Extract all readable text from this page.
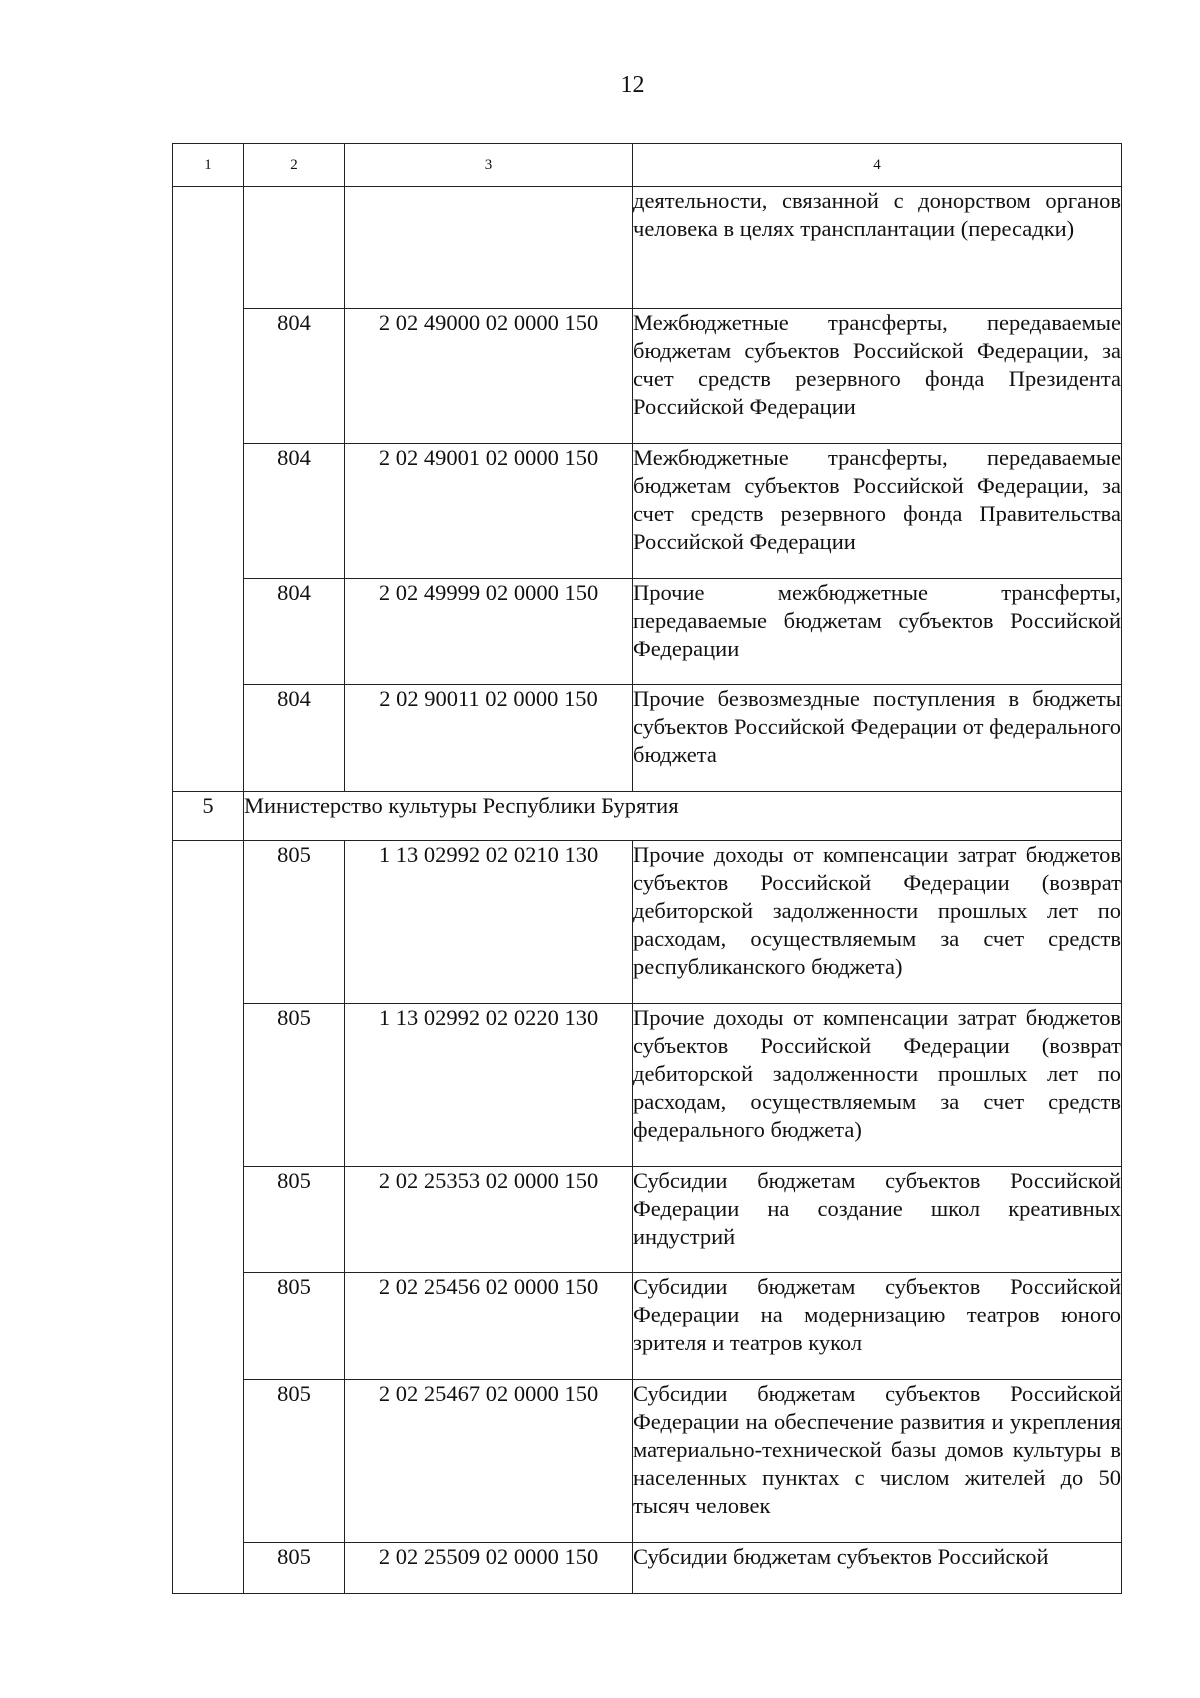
12
1	2	3	4
			деятельности, связанной с донорством органов человека в целях трансплантации (пересадки)
	804	2 02 49000 02 0000 150	Межбюджетные трансферты, передаваемые бюджетам субъектов Российской Федерации, за счет средств резервного фонда Президента Российской Федерации
	804	2 02 49001 02 0000 150	Межбюджетные трансферты, передаваемые бюджетам субъектов Российской Федерации, за счет средств резервного фонда Правительства Российской Федерации
	804	2 02 49999 02 0000 150	Прочие межбюджетные трансферты, передаваемые бюджетам субъектов Российской Федерации
	804	2 02 90011 02 0000 150	Прочие безвозмездные поступления в бюджеты субъектов Российской Федерации от федерального бюджета
5	Министерство культуры Республики Бурятия		
	805	1 13 02992 02 0210 130	Прочие доходы от компенсации затрат бюджетов субъектов Российской Федерации (возврат дебиторской задолженности прошлых лет по расходам, осуществляемым за счет средств республиканского бюджета)
	805	1 13 02992 02 0220 130	Прочие доходы от компенсации затрат бюджетов субъектов Российской Федерации (возврат дебиторской задолженности прошлых лет по расходам, осуществляемым за счет средств федерального бюджета)
	805	2 02 25353 02 0000 150	Субсидии бюджетам субъектов Российской Федерации на создание школ креативных индустрий
	805	2 02 25456 02 0000 150	Субсидии бюджетам субъектов Российской Федерации на модернизацию театров юного зрителя и театров кукол
	805	2 02 25467 02 0000 150	Субсидии бюджетам субъектов Российской Федерации на обеспечение развития и укрепления материально-технической базы домов культуры в населенных пунктах с числом жителей до 50 тысяч человек
	805	2 02 25509 02 0000 150	Субсидии бюджетам субъектов Российской
